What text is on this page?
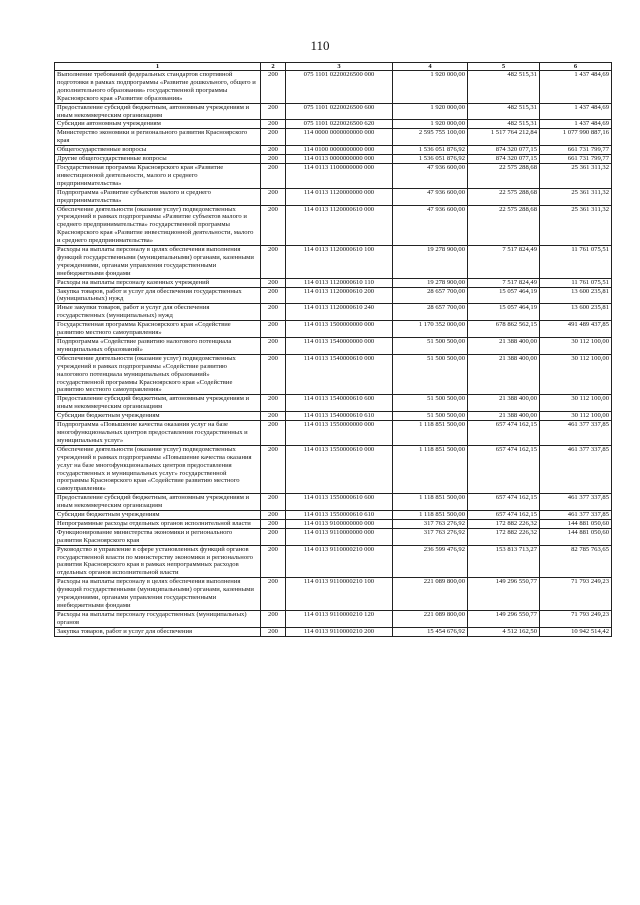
110
1	2	3	4	5	6
Выполнение требований федеральных стандартов спортивной подготовки в рамках подпрограммы «Развитие дошкольного, общего и дополнительного образования» государственной программы Красноярского края «Развитие образования»	200	075 1101 0220026500 000	1 920 000,00	482 515,31	1 437 484,69
Предоставление субсидий бюджетным, автономным учреждениям и иным некоммерческим организациям	200	075 1101 0220026500 600	1 920 000,00	482 515,31	1 437 484,69
Субсидии автономным учреждениям	200	075 1101 0220026500 620	1 920 000,00	482 515,31	1 437 484,69
Министерство экономики и регионального развития Красноярского края	200	114 0000 0000000000 000	2 595 755 100,00	1 517 764 212,84	1 077 990 887,16
Общегосударственные вопросы	200	114 0100 0000000000 000	1 536 051 876,92	874 320 077,15	661 731 799,77
Другие общегосударственные вопросы	200	114 0113 0000000000 000	1 536 051 876,92	874 320 077,15	661 731 799,77
Государственная программа Красноярского края «Развитие инвестиционной деятельности, малого и среднего предпринимательства»	200	114 0113 1100000000 000	47 936 600,00	22 575 288,68	25 361 311,32
Подпрограмма «Развитие субъектов малого и среднего предпринимательства»	200	114 0113 1120000000 000	47 936 600,00	22 575 288,68	25 361 311,32
Обеспечение деятельности (оказание услуг) подведомственных учреждений в рамках подпрограммы «Развитие субъектов малого и среднего предпринимательства» государственной программы Красноярского края «Развитие инвестиционной деятельности, малого и среднего предпринимательства»	200	114 0113 1120000610 000	47 936 600,00	22 575 288,68	25 361 311,32
Расходы на выплаты персоналу в целях обеспечения выполнения функций государственными (муниципальными) органами, казенными учреждениями, органами управления государственными внебюджетными фондами	200	114 0113 1120000610 100	19 278 900,00	7 517 824,49	11 761 075,51
Расходы на выплаты персоналу казенных учреждений	200	114 0113 1120000610 110	19 278 900,00	7 517 824,49	11 761 075,51
Закупка товаров, работ и услуг для обеспечения государственных (муниципальных) нужд	200	114 0113 1120000610 200	28 657 700,00	15 057 464,19	13 600 235,81
Иные закупки товаров, работ и услуг для обеспечения государственных (муниципальных) нужд	200	114 0113 1120000610 240	28 657 700,00	15 057 464,19	13 600 235,81
Государственная программа Красноярского края «Содействие развитию местного самоуправления»	200	114 0113 1500000000 000	1 170 352 000,00	678 862 562,15	491 489 437,85
Подпрограмма «Содействие развитию налогового потенциала муниципальных образований»	200	114 0113 1540000000 000	51 500 500,00	21 388 400,00	30 112 100,00
Обеспечение деятельности (оказание услуг) подведомственных учреждений в рамках подпрограммы «Содействие развитию налогового потенциала муниципальных образований» государственной программы Красноярского края «Содействие развитию местного самоуправления»	200	114 0113 1540000610 000	51 500 500,00	21 388 400,00	30 112 100,00
Предоставление субсидий бюджетным, автономным учреждениям и иным некоммерческим организациям	200	114 0113 1540000610 600	51 500 500,00	21 388 400,00	30 112 100,00
Субсидии бюджетным учреждениям	200	114 0113 1540000610 610	51 500 500,00	21 388 400,00	30 112 100,00
Подпрограмма «Повышение качества оказания услуг на базе многофункциональных центров предоставления государственных и муниципальных услуг»	200	114 0113 1550000000 000	1 118 851 500,00	657 474 162,15	461 377 337,85
Обеспечение деятельности (оказание услуг) подведомственных учреждений в рамках подпрограммы «Повышение качества оказания услуг на базе многофункциональных центров предоставления государственных и муниципальных услуг» государственной программы Красноярского края «Содействие развитию местного самоуправления»	200	114 0113 1550000610 000	1 118 851 500,00	657 474 162,15	461 377 337,85
Предоставление субсидий бюджетным, автономным учреждениям и иным некоммерческим организациям	200	114 0113 1550000610 600	1 118 851 500,00	657 474 162,15	461 377 337,85
Субсидии бюджетным учреждениям	200	114 0113 1550000610 610	1 118 851 500,00	657 474 162,15	461 377 337,85
Непрограммные расходы отдельных органов исполнительной власти	200	114 0113 9100000000 000	317 763 276,92	172 882 226,32	144 881 050,60
Функционирование министерства экономики и регионального развития Красноярского края	200	114 0113 9110000000 000	317 763 276,92	172 882 226,32	144 881 050,60
Руководство и управление в сфере установленных функций органов государственной власти по министерству экономики и регионального развития Красноярского края в рамках непрограммных расходов отдельных органов исполнительной власти	200	114 0113 9110000210 000	236 599 476,92	153 813 713,27	82 785 763,65
Расходы на выплаты персоналу в целях обеспечения выполнения функций государственными (муниципальными) органами, казенными учреждениями, органами управления государственными внебюджетными фондами	200	114 0113 9110000210 100	221 089 800,00	149 296 550,77	71 793 249,23
Расходы на выплаты персоналу государственных (муниципальных) органов	200	114 0113 9110000210 120	221 089 800,00	149 296 550,77	71 793 249,23
Закупка товаров, работ и услуг для обеспечения	200	114 0113 9110000210 200	15 454 676,92	4 512 162,50	10 942 514,42
